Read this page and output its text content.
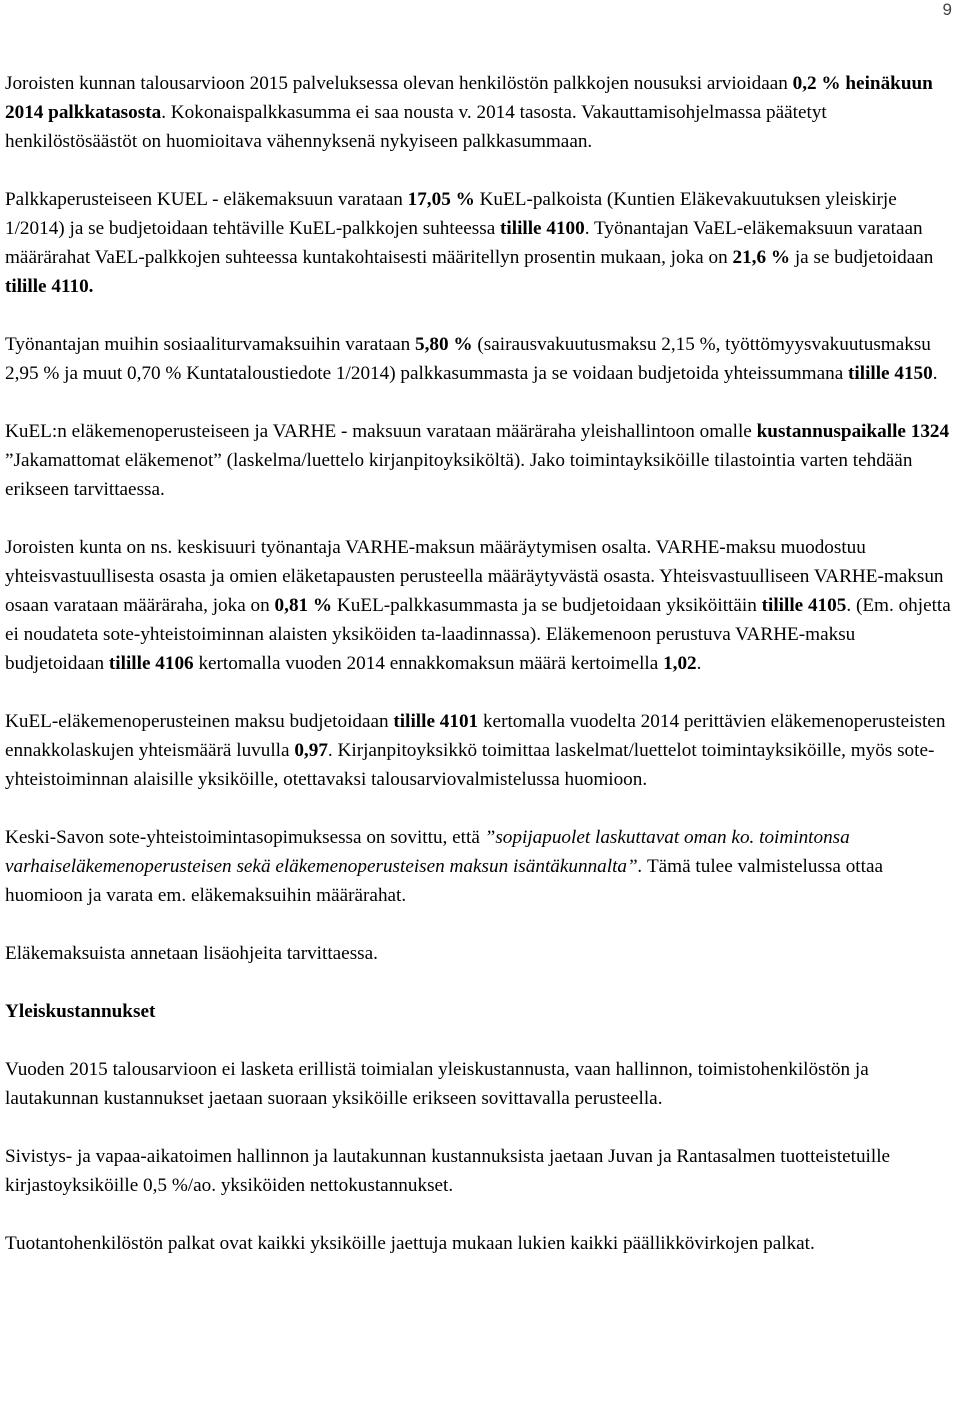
9

Joroisten kunnan talousarvioon 2015 palveluksessa olevan henkilöstön palkkojen nousuksi arvioidaan 0,2 % heinäkuun 2014 palkkatasosta. Kokonaispalkkasumma ei saa nousta v. 2014 tasosta. Vakauttamisohjelmassa päätetyt henkilöstösäästöt on huomioitava vähennyksenä nykyiseen palkkasummaan.

Palkkaperusteiseen KUEL - eläkemaksuun varataan 17,05 % KuEL-palkoista (Kuntien Eläkevakuutuksen yleiskirje 1/2014) ja se budjetoidaan tehtäville KuEL-palkkojen suhteessa tilille 4100. Työnantajan VaEL-eläkemaksuun varataan määrärahat VaEL-palkkojen suhteessa kuntakohtaisesti määritellyn prosentin mukaan, joka on 21,6 % ja se budjetoidaan tilille 4110.

Työnantajan muihin sosiaaliturvamaksuihin varataan 5,80 % (sairausvakuutusmaksu 2,15 %, työttömyysvakuutusmaksu 2,95 % ja muut 0,70 % Kuntataloustiedote 1/2014) palkkasummasta ja se voidaan budjetoida yhteissummana tilille 4150.

KuEL:n eläkemenoperusteiseen ja VARHE - maksuun varataan määräraha yleishallintoon omalle kustannuspaikalle 1324 ”Jakamattomat eläkemenot” (laskelma/luettelo kirjanpitoyksiköltä). Jako toimintayksiköille tilastointia varten tehdään erikseen tarvittaessa.

Joroisten kunta on ns. keskisuuri työnantaja VARHE-maksun määräytymisen osalta. VARHE-maksu muodostuu yhteisvastuullisesta osasta ja omien eläketapausten perusteella määräytyvästä osasta. Yhteisvastuulliseen VARHE-maksun osaan varataan määräraha, joka on 0,81 % KuEL-palkkasummasta ja se budjetoidaan yksiköittäin tilille 4105. (Em. ohjetta ei noudateta sote-yhteistoiminnan alaisten yksiköiden ta-laadinnassa). Eläkemenoon perustuva VARHE-maksu budjetoidaan tilille 4106 kertomalla vuoden 2014 ennakkomaksun määrä kertoimella 1,02.

KuEL-eläkemenoperusteinen maksu budjetoidaan tilille 4101 kertomalla vuodelta 2014 perittävien eläkemenoperusteisten ennakkolaskujen yhteismäärä luvulla 0,97. Kirjanpitoyksikkö toimittaa laskelmat/luettelot toimintayksiköille, myös sote-yhteistoiminnan alaisille yksiköille, otettavaksi talousarviovalmistelussa huomioon.

Keski-Savon sote-yhteistoimintasopimuksessa on sovittu, että ”sopijapuolet laskuttavat oman ko. toimintonsa varhaiseläkemenoperusteisen sekä eläkemenoperusteisen maksun isäntäkunnalta”. Tämä tulee valmistelussa ottaa huomioon ja varata em. eläkemaksuihin määrärahat.

Eläkemaksuista annetaan lisäohjeita tarvittaessa.

Yleiskustannukset

Vuoden 2015 talousarvioon ei lasketa erillistä toimialan yleiskustannusta, vaan hallinnon, toimistohenkilöstön ja lautakunnan kustannukset jaetaan suoraan yksiköille erikseen sovittavalla perusteella.

Sivistys- ja vapaa-aikatoimen hallinnon ja lautakunnan kustannuksista jaetaan Juvan ja Rantasalmen tuotteistetuille kirjastoyksiköille 0,5 %/ao. yksiköiden nettokustannukset.

Tuotantohenkilöstön palkat ovat kaikki yksiköille jaettuja mukaan lukien kaikki päällikkövirkojen palkat.
